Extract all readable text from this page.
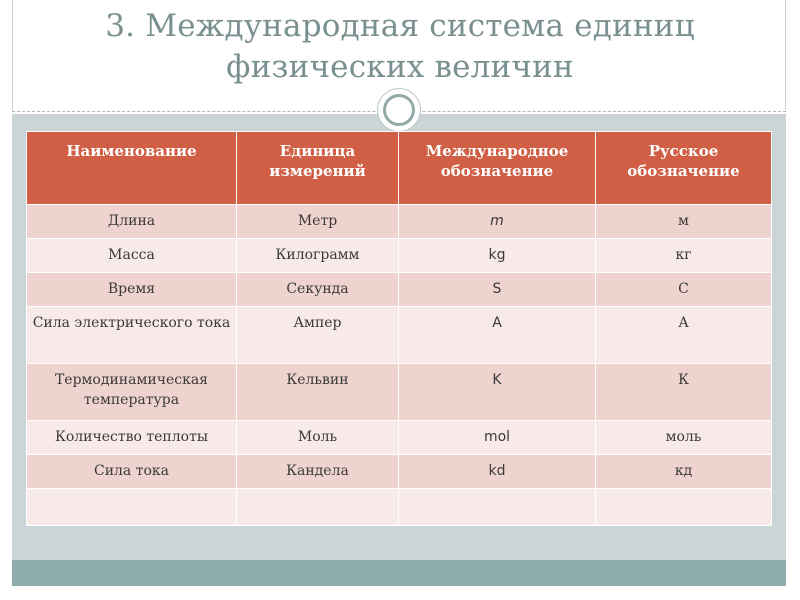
3. Международная система единиц
физических величин
Наименование	Единица измерений	Международное обозначение	Русское обозначение
Длина	Метр	m	м
Масса	Килограмм	kg	кг
Время	Секунда	S	С
Сила электрического тока	Ампер	A	А
Термодинамическая температура	Кельвин	K	К
Количество теплоты	Моль	mol	моль
Сила тока	Кандела	kd	кд
